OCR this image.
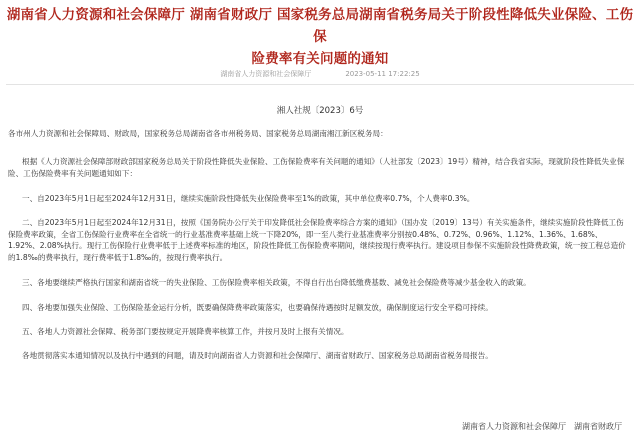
湖南省人力资源和社会保障厅 湖南省财政厅 国家税务总局湖南省税务局关于阶段性降低失业保险、工伤保
险费率有关问题的通知
湖南省人力资源和社会保障厅	2023-05-11 17:22:25
湘人社规〔2023〕6号

各市州人力资源和社会保障局、财政局，国家税务总局湖南省各市州税务局、国家税务总局湖南湘江新区税务局：

根据《人力资源社会保障部财政部国家税务总局关于阶段性降低失业保险、工伤保险费率有关问题的通知》（人社部发〔2023〕19号）精神，结合我省实际，现就阶段性降低失业保险、工伤保险费率有关问题通知如下：

一、自2023年5月1日起至2024年12月31日，继续实施阶段性降低失业保险费率至1%的政策，其中单位费率0.7%，个人费率0.3%。

二、自2023年5月1日起至2024年12月31日，按照《国务院办公厅关于印发降低社会保险费率综合方案的通知》（国办发〔2019〕13号）有关实施条件，继续实施阶段性降低工伤保险费率政策，全省工伤保险行业费率在全省统一的行业基准费率基础上统一下降20%，即一至八类行业基准费率分别按0.48%、0.72%、0.96%、1.12%、1.36%、1.68%、1.92%、2.08%执行。现行工伤保险行业费率低于上述费率标准的地区，阶段性降低工伤保险费率期间，继续按现行费率执行。建设项目参保不实施阶段性降费政策，统一按工程总造价的1.8‰的费率执行，现行费率低于1.8‰的，按现行费率执行。

三、各地要继续严格执行国家和湖南省统一的失业保险、工伤保险费率相关政策，不得自行出台降低缴费基数、减免社会保险费等减少基金收入的政策。

四、各地要加强失业保险、工伤保险基金运行分析，既要确保降费率政策落实，也要确保待遇按时足额发放，确保制度运行安全平稳可持续。

五、各地人力资源社会保障、税务部门要按规定开展降费率核算工作，并按月及时上报有关情况。

各地贯彻落实本通知情况以及执行中遇到的问题，请及时向湖南省人力资源和社会保障厅、湖南省财政厅、国家税务总局湖南省税务局报告。

湖南省人力资源和社会保障厅 湖南省财政厅
